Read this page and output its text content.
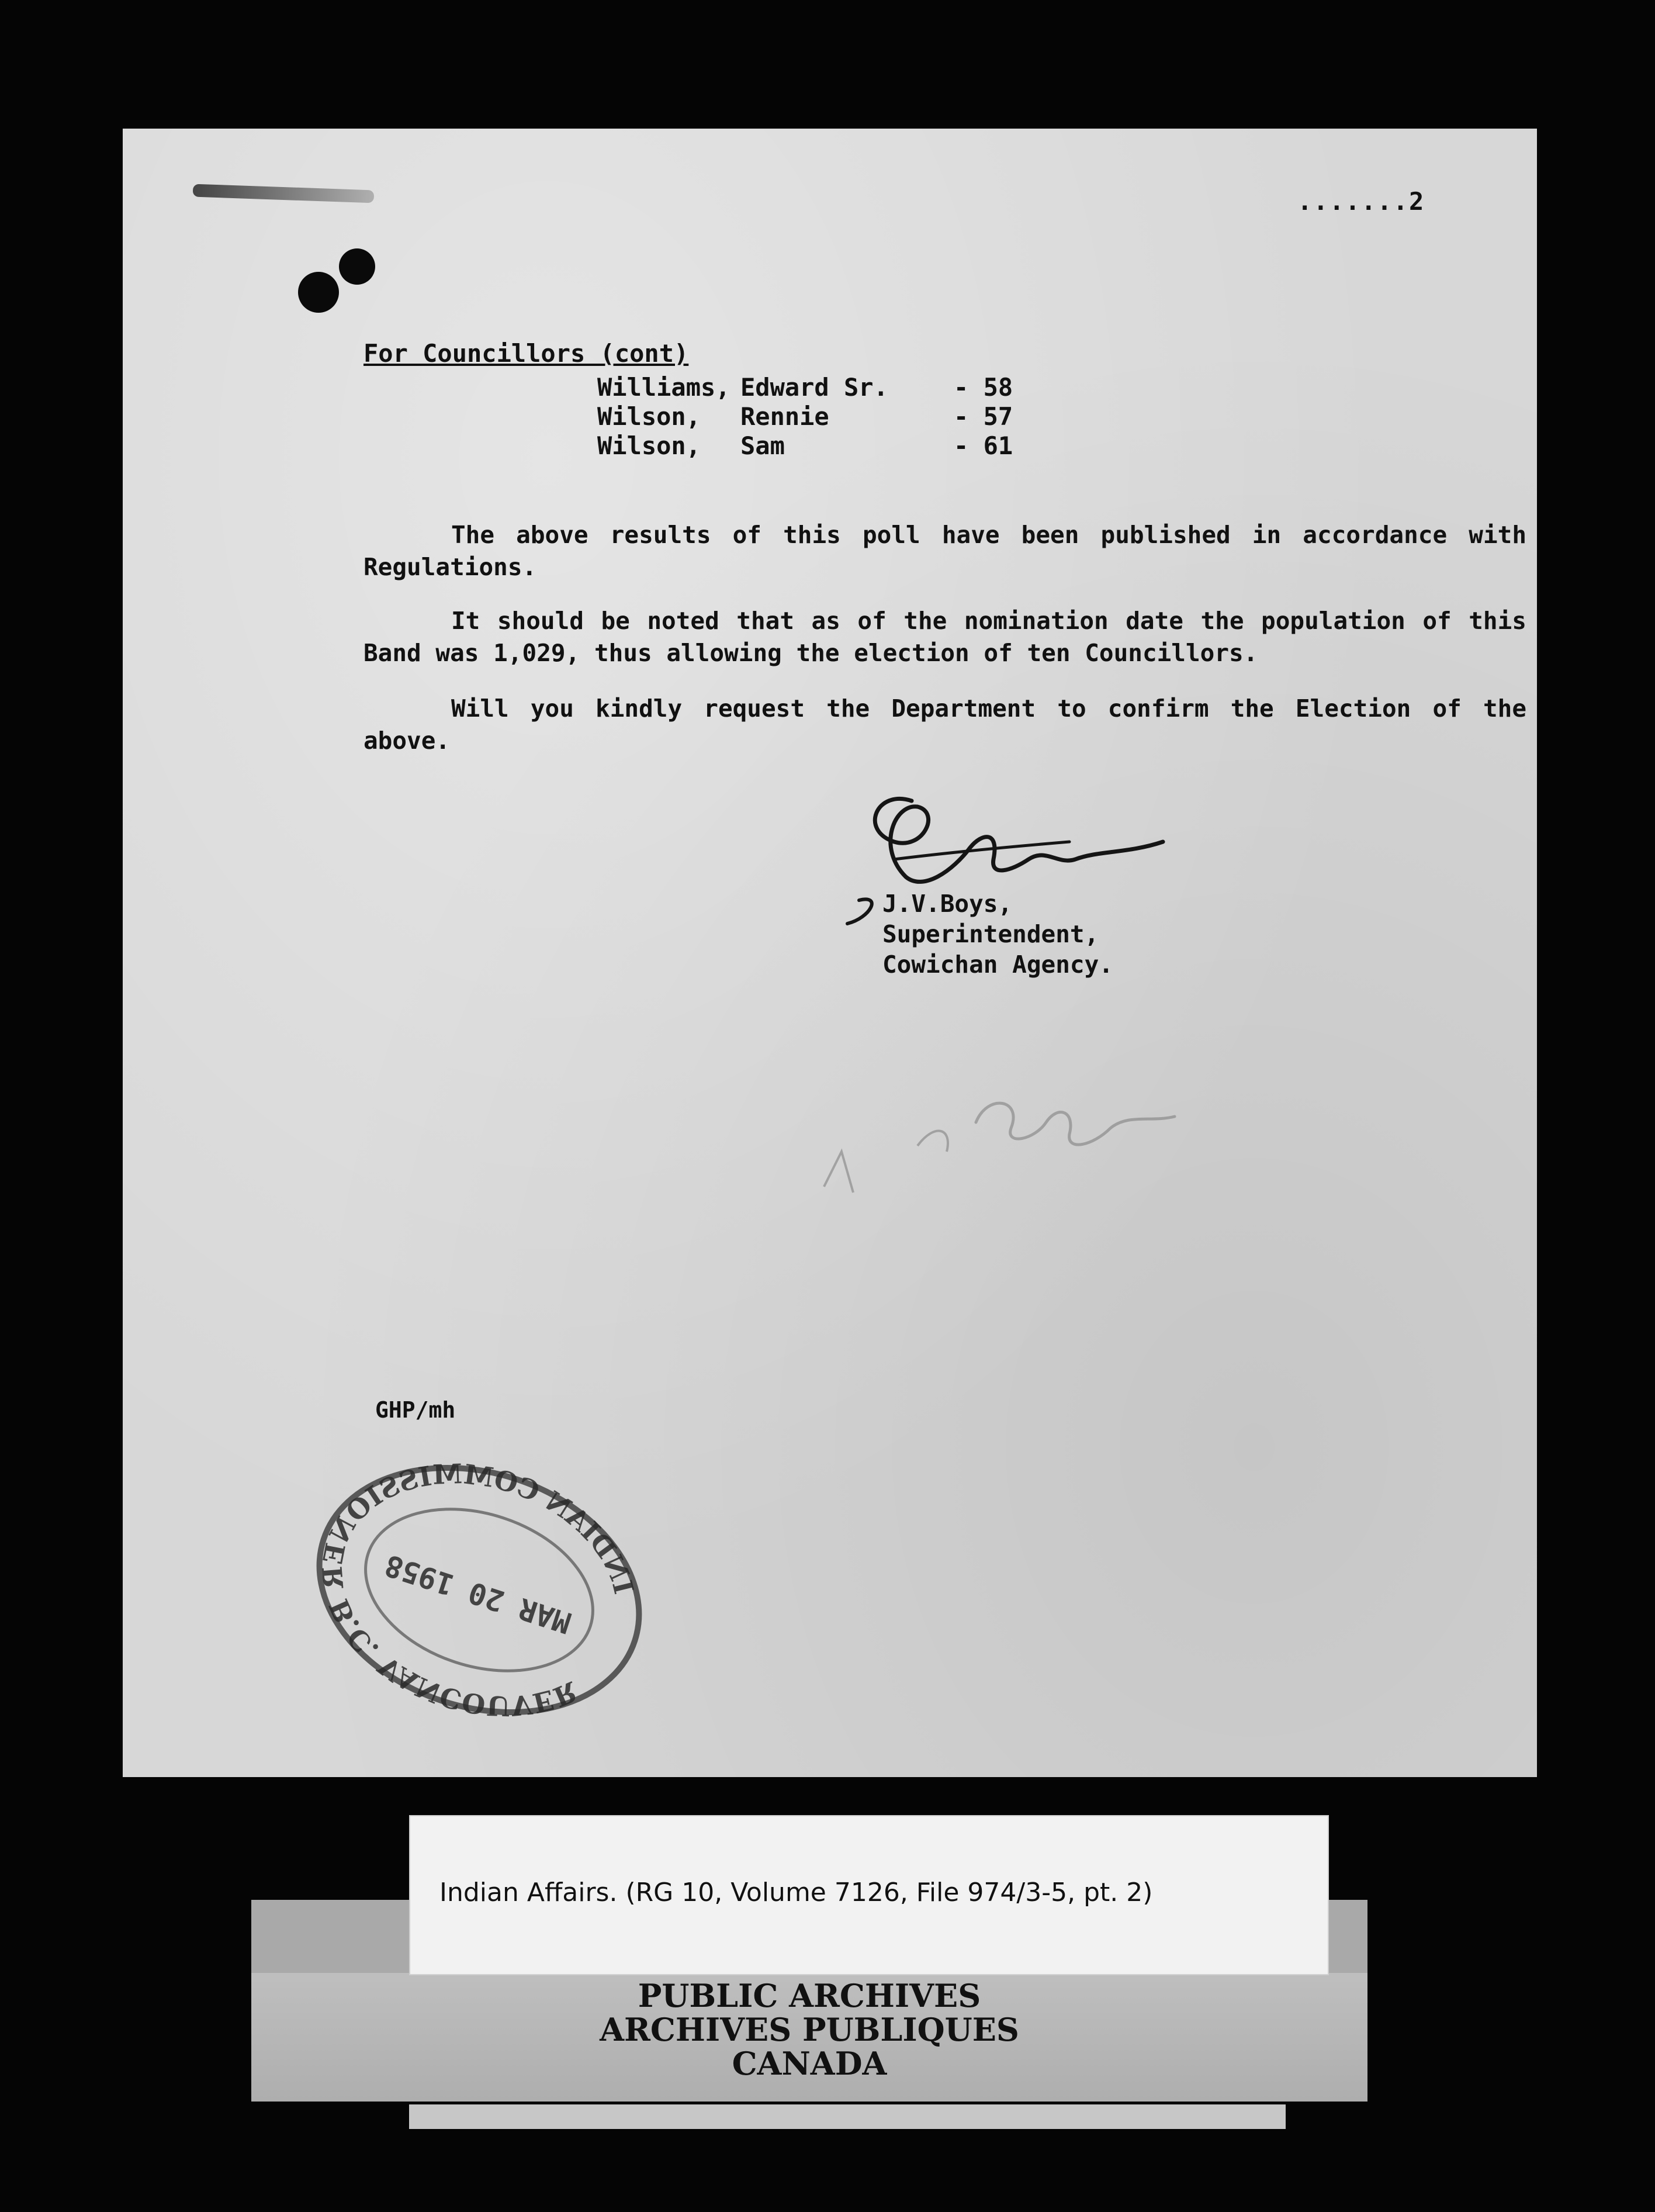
.......2
For Councillors (cont)
Williams, Edward Sr.	- 58
Wilson, Rennie	- 57
Wilson, Sam	- 61
The above results of this poll have been published in accordance with Regulations.
It should be noted that as of the nomination date the population of this Band was 1,029, thus allowing the election of ten Councillors.
Will you kindly request the Department to confirm the Election of the above.
J.V.Boys,
Superintendent,
Cowichan Agency.
GHP/mh
INDIAN COMMISSIONER B.C. VANCOUVER
MAR 20 1958
Indian Affairs. (RG 10, Volume 7126, File 974/3-5, pt. 2)
PUBLIC ARCHIVES
ARCHIVES PUBLIQUES
CANADA
